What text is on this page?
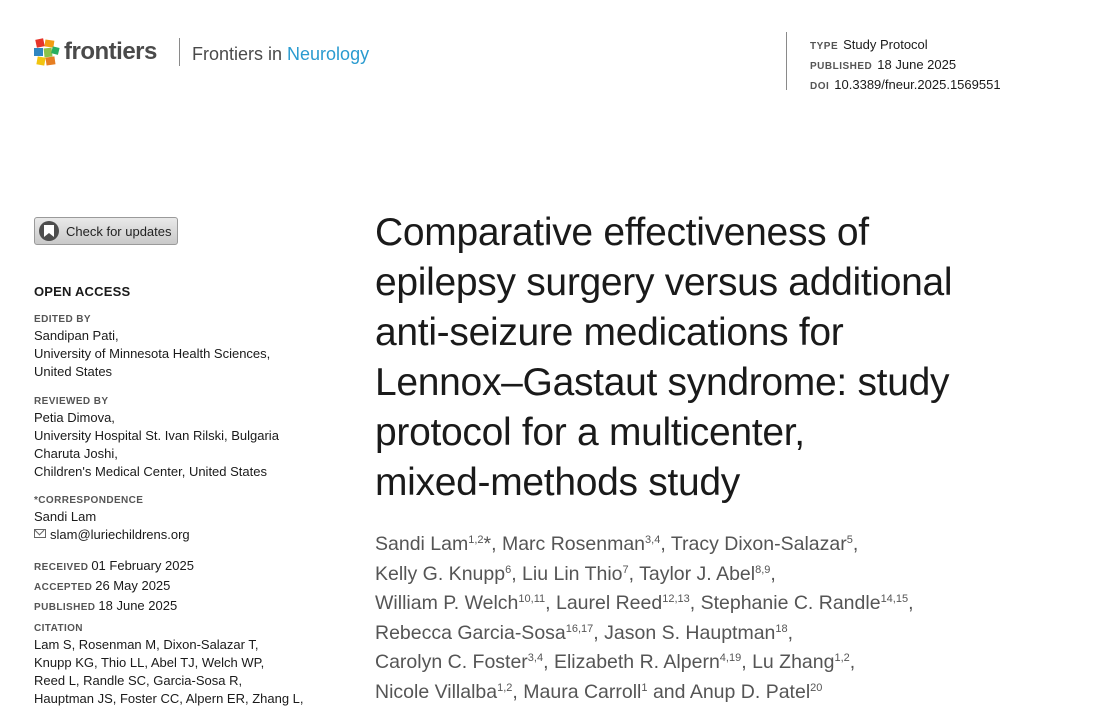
frontiers Frontiers in Neurology	TYPE Study Protocol
PUBLISHED 18 June 2025
DOI 10.3389/fneur.2025.1569551
Check for updates
OPEN ACCESS
EDITED BY
Sandipan Pati,
University of Minnesota Health Sciences,
United States
REVIEWED BY
Petia Dimova,
University Hospital St. Ivan Rilski, Bulgaria
Charuta Joshi,
Children's Medical Center, United States
*CORRESPONDENCE
Sandi Lam
slam@luriechildrens.org
RECEIVED 01 February 2025
ACCEPTED 26 May 2025
PUBLISHED 18 June 2025
CITATION
Lam S, Rosenman M, Dixon-Salazar T,
Knupp KG, Thio LL, Abel TJ, Welch WP,
Reed L, Randle SC, Garcia-Sosa R,
Hauptman JS, Foster CC, Alpern ER, Zhang L,
Comparative effectiveness of
epilepsy surgery versus additional
anti-seizure medications for
Lennox–Gastaut syndrome: study
protocol for a multicenter,
mixed-methods study
Sandi Lam$^{1,2}$*, Marc Rosenman$^{3,4}$, Tracy Dixon-Salazar$^5$,
Kelly G. Knupp$^6$, Liu Lin Thio$^7$, Taylor J. Abel$^{8,9}$,
William P. Welch$^{10,11}$, Laurel Reed$^{12,13}$, Stephanie C. Randle$^{14,15}$,
Rebecca Garcia-Sosa$^{16,17}$, Jason S. Hauptman$^{18}$,
Carolyn C. Foster$^{3,4}$, Elizabeth R. Alpern$^{4,19}$, Lu Zhang$^{1,2}$,
Nicole Villalba$^{1,2}$, Maura Carroll$^1$ and Anup D. Patel$^{20}$
